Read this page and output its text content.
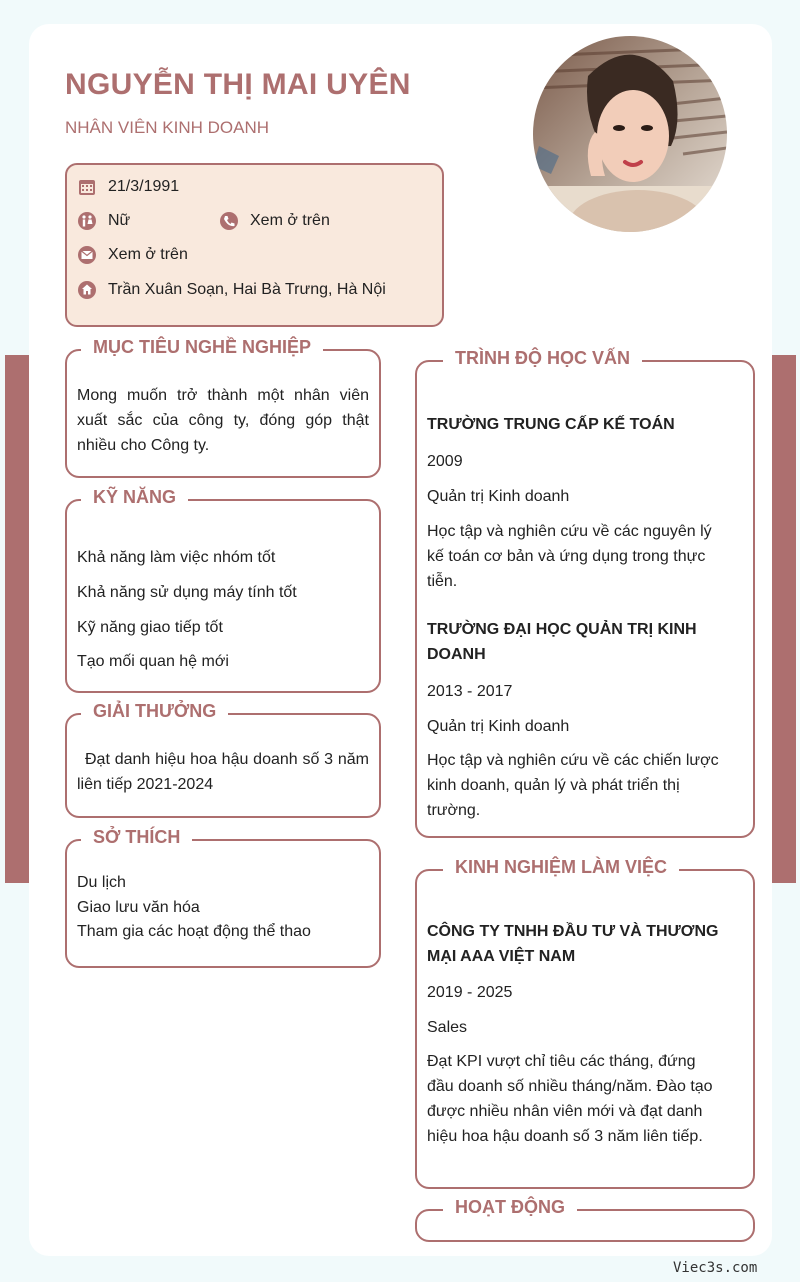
NGUYỄN THỊ MAI UYÊN
NHÂN VIÊN KINH DOANH
21/3/1991
Nữ	Xem ở trên
Xem ở trên
Trần Xuân Soạn, Hai Bà Trưng, Hà Nội
MỤC TIÊU NGHỀ NGHIỆP
Mong muốn trở thành một nhân viên xuất sắc của công ty, đóng góp thật nhiều cho Công ty.
KỸ NĂNG
Khả năng làm việc nhóm tốt
Khả năng sử dụng máy tính tốt
Kỹ năng giao tiếp tốt
Tạo mối quan hệ mới
GIẢI THƯỞNG
Đạt danh hiệu hoa hậu doanh số 3 năm liên tiếp 2021-2024
SỞ THÍCH
Du lịch
Giao lưu văn hóa
Tham gia các hoạt động thể thao
TRÌNH ĐỘ HỌC VẤN
TRƯỜNG TRUNG CẤP KẾ TOÁN
2009
Quản trị Kinh doanh
Học tập và nghiên cứu về các nguyên lý kế toán cơ bản và ứng dụng trong thực tiễn.
TRƯỜNG ĐẠI HỌC QUẢN TRỊ KINH DOANH
2013 - 2017
Quản trị Kinh doanh
Học tập và nghiên cứu về các chiến lược kinh doanh, quản lý và phát triển thị trường.
KINH NGHIỆM LÀM VIỆC
CÔNG TY TNHH ĐẦU TƯ VÀ THƯƠNG MẠI AAA VIỆT NAM
2019 - 2025
Sales
Đạt KPI vượt chỉ tiêu các tháng, đứng đầu doanh số nhiều tháng/năm. Đào tạo được nhiều nhân viên mới và đạt danh hiệu hoa hậu doanh số 3 năm liên tiếp.
HOẠT ĐỘNG
Viec3s.com
